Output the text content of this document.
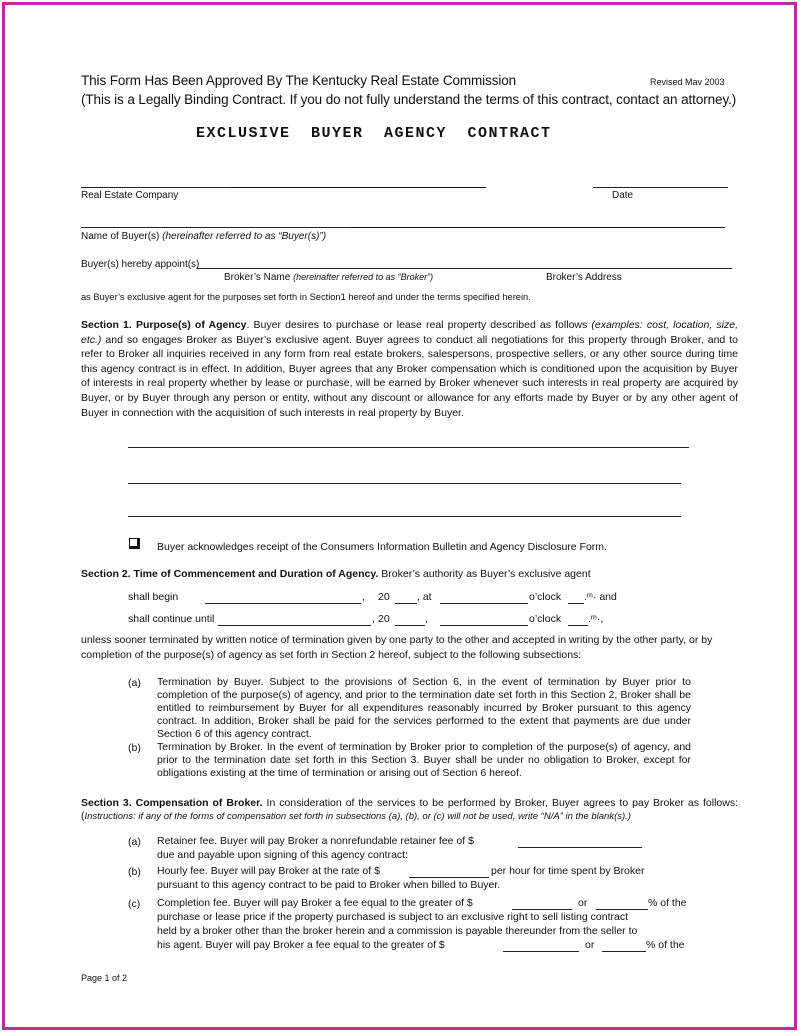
This Form Has Been Approved By The Kentucky Real Estate Commission	Revised Mav 2003
(This is a Legally Binding Contract. If you do not fully understand the terms of this contract, contact an attorney.)
EXCLUSIVE BUYER AGENCY CONTRACT
Real Estate Company	Date
Name of Buyer(s) (hereinafter referred to as “Buyer(s)”)
Buyer(s) hereby appoint(s)
Broker’s Name (hereinafter referred to as “Broker”)	Broker’s Address
as Buyer’s exclusive agent for the purposes set forth in Section1 hereof and under the terms specified herein.
Section 1. Purpose(s) of Agency. Buyer desires to purchase or lease real property described as follows (examples: cost, location, size, etc.) and so engages Broker as Buyer’s exclusive agent. Buyer agrees to conduct all negotiations for this property through Broker, and to refer to Broker all inquiries received in any form from real estate brokers, salespersons, prospective sellers, or any other source during time this agency contract is in effect. In addition, Buyer agrees that any Broker compensation which is conditioned upon the acquisition by Buyer of interests in real property whether by lease or purchase, will be earned by Broker whenever such interests in real property are acquired by Buyer, or by Buyer through any person or entity, without any discount or allowance for any efforts made by Buyer or by any other agent of Buyer in connection with the acquisition of such interests in real property by Buyer.
Buyer acknowledges receipt of the Consumers Information Bulletin and Agency Disclosure Form.
Section 2. Time of Commencement and Duration of Agency. Broker’s authority as Buyer’s exclusive agent
shall begin	, 20	, at	o’clock .ᵐ· and
shall continue until	, 20	,	o’clock	.ᵐ·,
unless sooner terminated by written notice of termination given by one party to the other and accepted in writing by the other party, or by completion of the purpose(s) of agency as set forth in Section 2 hereof, subject to the following subsections:
(a) Termination by Buyer. Subject to the provisions of Section 6, in the event of termination by Buyer prior to completion of the purpose(s) of agency, and prior to the termination date set forth in this Section 2, Broker shall be entitled to reimbursement by Buyer for all expenditures reasonably incurred by Broker pursuant to this agency contract. In addition, Broker shall be paid for the services performed to the extent that payments are due under Section 6 of this agency contract.
(b) Termination by Broker. In the event of termination by Broker prior to completion of the purpose(s) of agency, and prior to the termination date set forth in this Section 3. Buyer shall be under no obligation to Broker, except for obligations existing at the time of termination or arising out of Section 6 hereof.
Section 3. Compensation of Broker. In consideration of the services to be performed by Broker, Buyer agrees to pay Broker as follows: (Instructions: if any of the forms of compensation set forth in subsections (a), (b), or (c) will not be used, write “N/A” in the blank(s).)
(a) Retainer fee. Buyer will pay Broker a nonrefundable retainer fee of $
due and payable upon signing of this agency contract:
(b) Hourly fee. Buyer will pay Broker at the rate of $	per hour for time spent by Broker
pursuant to this agency contract to be paid to Broker when billed to Buyer.
(c) Completion fee. Buyer will pay Broker a fee equal to the greater of $	or	% of the
purchase or lease price if the property purchased is subject to an exclusive right to sell listing contract
held by a broker other than the broker herein and a commission is payable thereunder from the seller to
his agent. Buyer will pay Broker a fee equal to the greater of $	or	% of the
Page 1 of 2
